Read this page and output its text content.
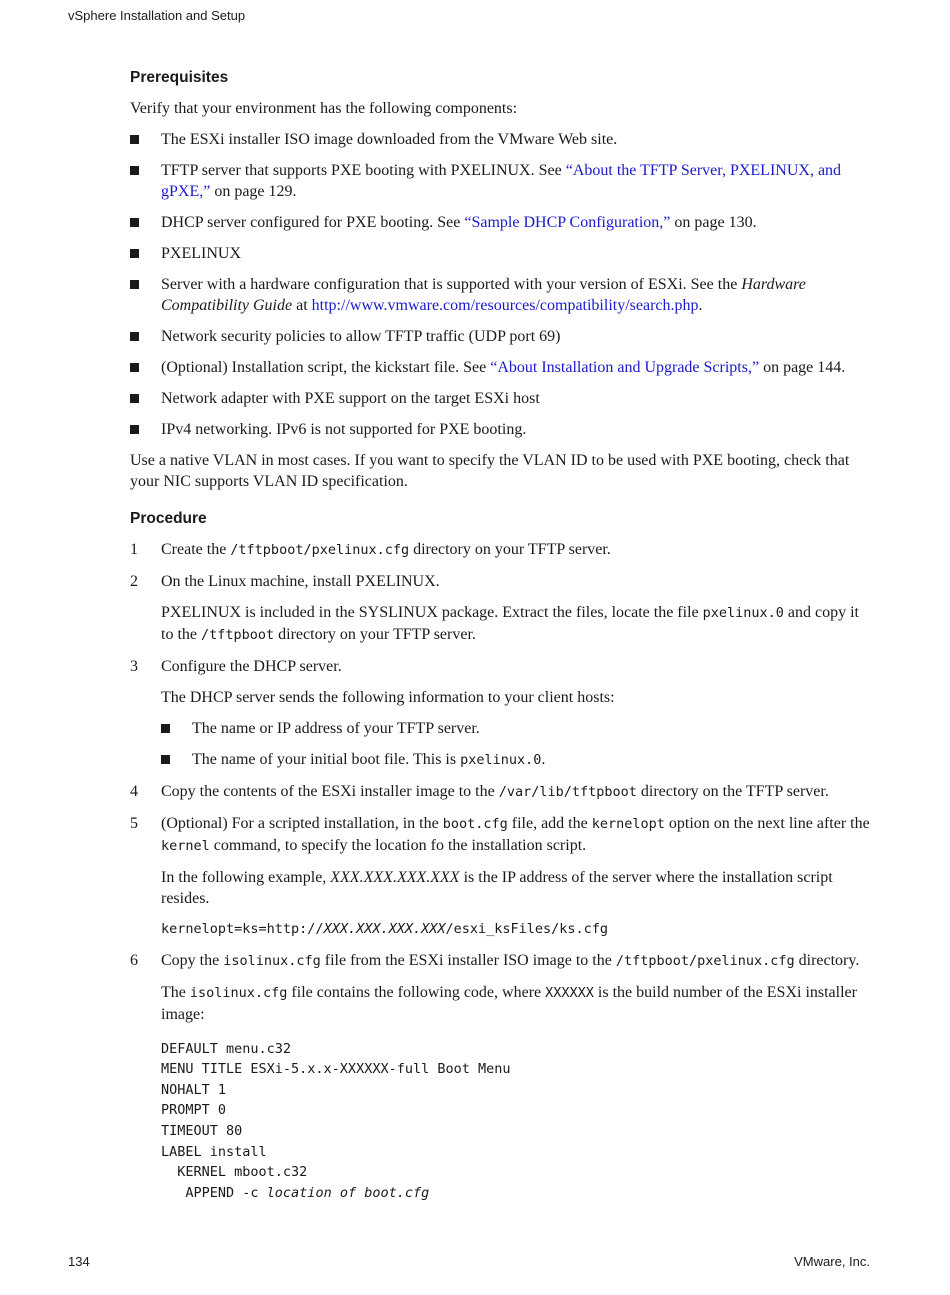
vSphere Installation and Setup
Prerequisites

Verify that your environment has the following components:

The ESXi installer ISO image downloaded from the VMware Web site.
TFTP server that supports PXE booting with PXELINUX. See “About the TFTP Server, PXELINUX, and gPXE,” on page 129.
DHCP server configured for PXE booting. See “Sample DHCP Configuration,” on page 130.
PXELINUX
Server with a hardware configuration that is supported with your version of ESXi. See the Hardware Compatibility Guide at http://www.vmware.com/resources/compatibility/search.php.
Network security policies to allow TFTP traffic (UDP port 69)
(Optional) Installation script, the kickstart file. See “About Installation and Upgrade Scripts,” on page 144.
Network adapter with PXE support on the target ESXi host
IPv4 networking. IPv6 is not supported for PXE booting.

Use a native VLAN in most cases. If you want to specify the VLAN ID to be used with PXE booting, check that your NIC supports VLAN ID specification.

Procedure
1 Create the /tftpboot/pxelinux.cfg directory on your TFTP server.
2 On the Linux machine, install PXELINUX.
PXELINUX is included in the SYSLINUX package. Extract the files, locate the file pxelinux.0 and copy it to the /tftpboot directory on your TFTP server.
3 Configure the DHCP server.
The DHCP server sends the following information to your client hosts:
The name or IP address of your TFTP server.
The name of your initial boot file. This is pxelinux.0.
4 Copy the contents of the ESXi installer image to the /var/lib/tftpboot directory on the TFTP server.
5 (Optional) For a scripted installation, in the boot.cfg file, add the kernelopt option on the next line after the kernel command, to specify the location fo the installation script.
In the following example, XXX.XXX.XXX.XXX is the IP address of the server where the installation script resides.
kernelopt=ks=http://XXX.XXX.XXX.XXX/esxi_ksFiles/ks.cfg
6 Copy the isolinux.cfg file from the ESXi installer ISO image to the /tftpboot/pxelinux.cfg directory.
The isolinux.cfg file contains the following code, where XXXXXX is the build number of the ESXi installer image:
DEFAULT menu.c32
MENU TITLE ESXi-5.x.x-XXXXXX-full Boot Menu
NOHALT 1
PROMPT 0
TIMEOUT 80
LABEL install
KERNEL mboot.c32
APPEND -c location of boot.cfg
134	VMware, Inc.
